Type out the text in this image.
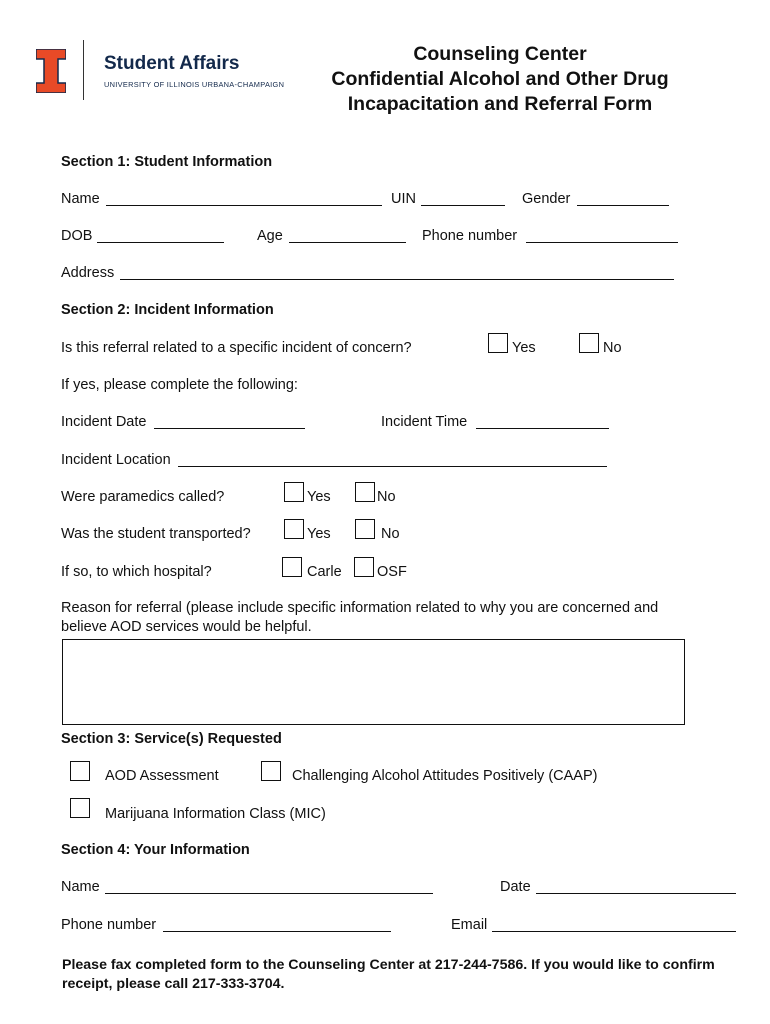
Student Affairs
UNIVERSITY OF ILLINOIS URBANA-CHAMPAIGN
Counseling Center
Confidential Alcohol and Other Drug
Incapacitation and Referral Form
Section 1: Student Information
Name	UIN	Gender
DOB	Age	Phone number
Address
Section 2: Incident Information
Is this referral related to a specific incident of concern?	Yes	No
If yes, please complete the following:
Incident Date	Incident Time
Incident Location
Were paramedics called?	Yes	No
Was the student transported?	Yes	No
If so, to which hospital?	Carle OSF
Reason for referral (please include specific information related to why you are concerned and believe AOD services would be helpful.
Section 3: Service(s) Requested
AOD Assessment	Challenging Alcohol Attitudes Positively (CAAP)
Marijuana Information Class (MIC)
Section 4: Your Information
Name	Date
Phone number	Email
Please fax completed form to the Counseling Center at 217-244-7586. If you would like to confirm receipt, please call 217-333-3704.
